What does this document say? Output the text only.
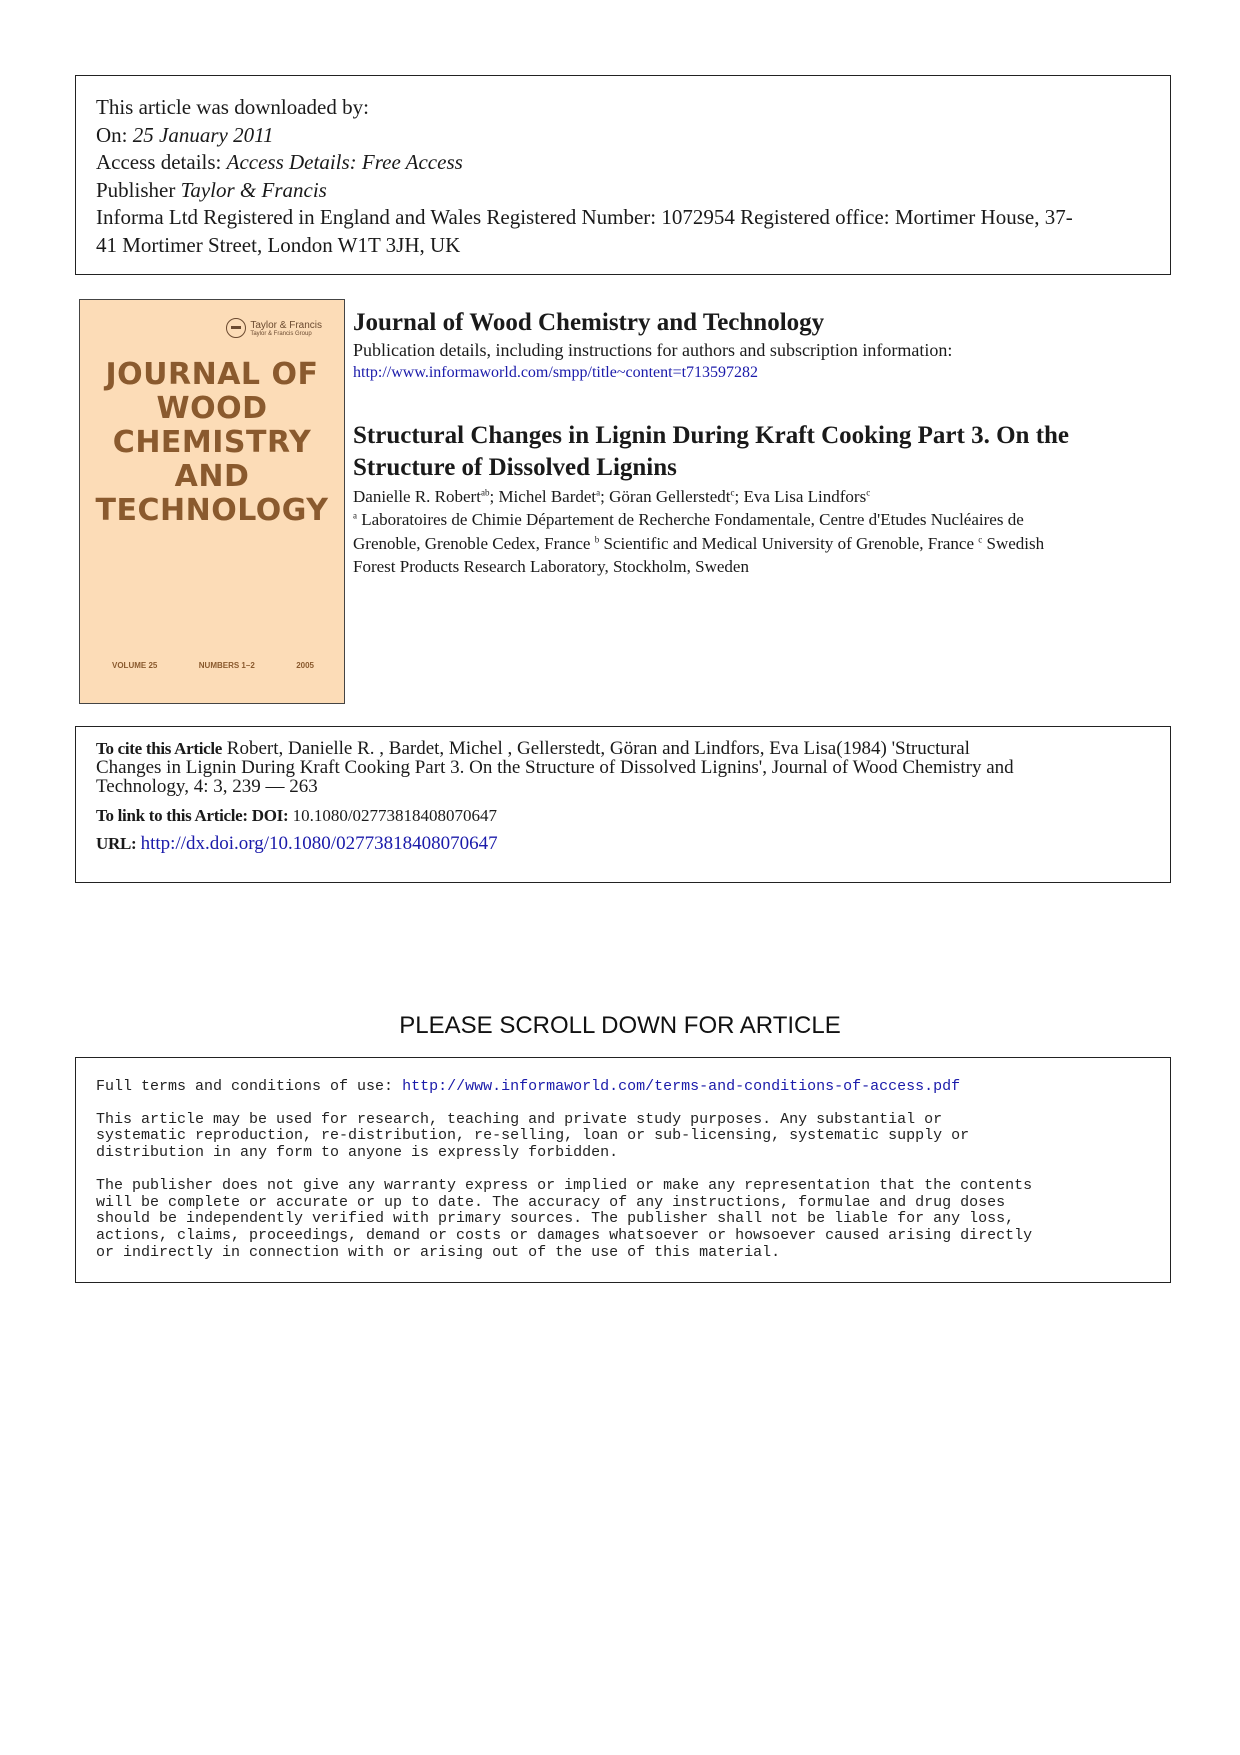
This article was downloaded by:
On: 25 January 2011
Access details: Access Details: Free Access
Publisher Taylor & Francis
Informa Ltd Registered in England and Wales Registered Number: 1072954 Registered office: Mortimer House, 37-
41 Mortimer Street, London W1T 3JH, UK
Taylor & Francis
Taylor & Francis Group
JOURNAL OF
WOOD
CHEMISTRY
AND
TECHNOLOGY
VOLUME 25	NUMBERS 1–2	2005
Journal of Wood Chemistry and Technology
Publication details, including instructions for authors and subscription information:
http://www.informaworld.com/smpp/title~content=t713597282
Structural Changes in Lignin During Kraft Cooking Part 3. On the
Structure of Dissolved Lignins
Danielle R. Robert$^{ab}$; Michel Bardet$^a$; Göran Gellerstedt$^c$; Eva Lisa Lindfors$^c$
$^a$ Laboratoires de Chimie Département de Recherche Fondamentale, Centre d'Etudes Nucléaires de
Grenoble, Grenoble Cedex, France $^b$ Scientific and Medical University of Grenoble, France $^c$ Swedish
Forest Products Research Laboratory, Stockholm, Sweden
To cite this Article Robert, Danielle R. , Bardet, Michel , Gellerstedt, Göran and Lindfors, Eva Lisa(1984) 'Structural
Changes in Lignin During Kraft Cooking Part 3. On the Structure of Dissolved Lignins', Journal of Wood Chemistry and
Technology, 4: 3, 239 — 263
To link to this Article: DOI: 10.1080/02773818408070647
URL: http://dx.doi.org/10.1080/02773818408070647
PLEASE SCROLL DOWN FOR ARTICLE

Full terms and conditions of use: http://www.informaworld.com/terms-and-conditions-of-access.pdf

This article may be used for research, teaching and private study purposes. Any substantial or
systematic reproduction, re-distribution, re-selling, loan or sub-licensing, systematic supply or
distribution in any form to anyone is expressly forbidden.

The publisher does not give any warranty express or implied or make any representation that the contents
will be complete or accurate or up to date. The accuracy of any instructions, formulae and drug doses
should be independently verified with primary sources. The publisher shall not be liable for any loss,
actions, claims, proceedings, demand or costs or damages whatsoever or howsoever caused arising directly
or indirectly in connection with or arising out of the use of this material.
